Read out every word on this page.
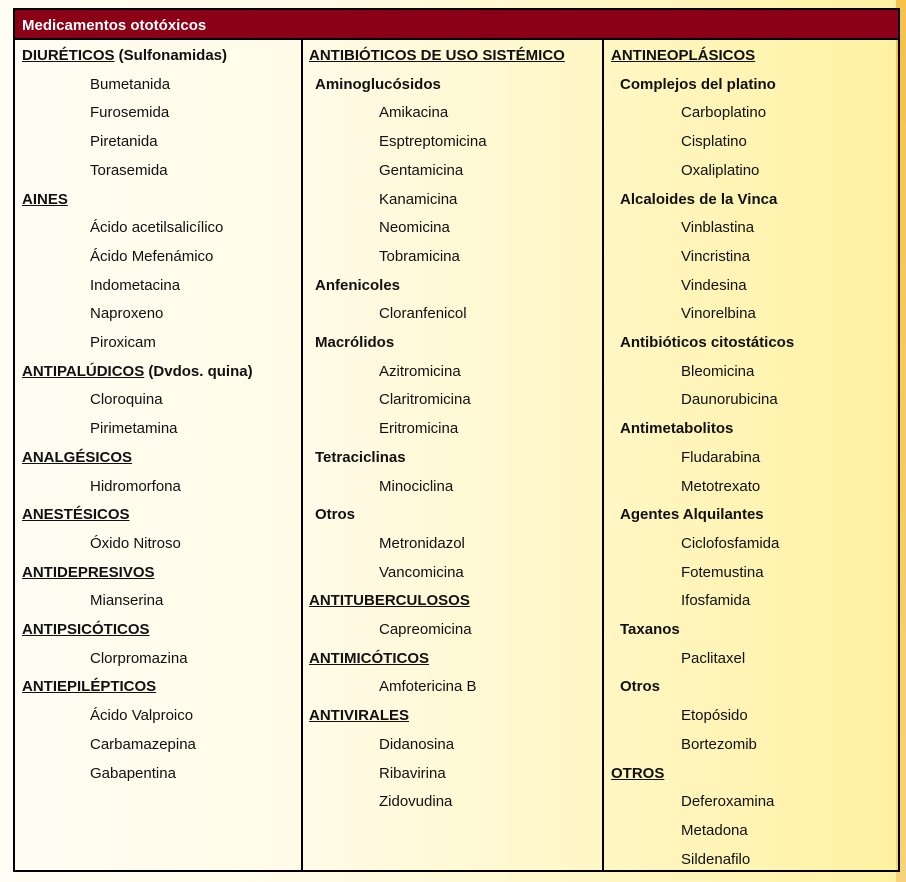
Medicamentos ototóxicos
DIURÉTICOS (Sulfonamidas)
Bumetanida
Furosemida
Piretanida
Torasemida
AINES
Ácido acetilsalicílico
Ácido Mefenámico
Indometacina
Naproxeno
Piroxicam
ANTIPALÚDICOS (Dvdos. quina)
Cloroquina
Pirimetamina
ANALGÉSICOS
Hidromorfona
ANESTÉSICOS
Óxido Nitroso
ANTIDEPRESIVOS
Mianserina
ANTIPSICÓTICOS
Clorpromazina
ANTIEPILÉPTICOS
Ácido Valproico
Carbamazepina
Gabapentina
ANTIBIÓTICOS DE USO SISTÉMICO
Aminoglucósidos
Amikacina
Esptreptomicina
Gentamicina
Kanamicina
Neomicina
Tobramicina
Anfenicoles
Cloranfenicol
Macrólidos
Azitromicina
Claritromicina
Eritromicina
Tetraciclinas
Minociclina
Otros
Metronidazol
Vancomicina
ANTITUBERCULOSOS
Capreomicina
ANTIMICÓTICOS
Amfotericina B
ANTIVIRALES
Didanosina
Ribavirina
Zidovudina
ANTINEOPLÁSICOS
Complejos del platino
Carboplatino
Cisplatino
Oxaliplatino
Alcaloides de la Vinca
Vinblastina
Vincristina
Vindesina
Vinorelbina
Antibióticos citostáticos
Bleomicina
Daunorubicina
Antimetabolitos
Fludarabina
Metotrexato
Agentes Alquilantes
Ciclofosfamida
Fotemustina
Ifosfamida
Taxanos
Paclitaxel
Otros
Etopósido
Bortezomib
OTROS
Deferoxamina
Metadona
Sildenafilo
